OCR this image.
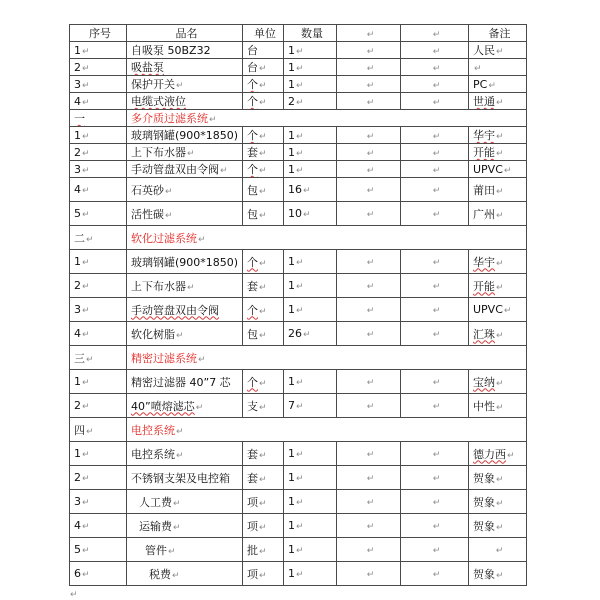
序号	品名	单位	数量	↵	↵	备注
1↵	自吸泵 50BZ32	台	1↵	↵	↵	人民↵
2↵	吸盐泵	台↵	1↵	↵	↵	↵
3↵	保护开关↵	个↵	1↵	↵	↵	PC↵
4↵	电缆式液位	个↵	2↵	↵	↵	世通↵
一	多介质过滤系统↵					
1↵	玻璃钢罐(900*1850)	个↵	1↵	↵	↵	华宇↵
2↵	上下布水器↵	套↵	1↵	↵	↵	开能↵
3↵	手动管盘双由令阀↵	个↵	1↵	↵	↵	UPVC↵
4↵	石英砂↵	包↵	16↵	↵	↵	莆田↵
5↵	活性碳↵	包↵	10↵	↵	↵	广州↵
二↵	软化过滤系统↵					
1↵	玻璃钢罐(900*1850)	个↵	1↵	↵	↵	华宇↵
2↵	上下布水器↵	套↵	1↵	↵	↵	开能↵
3↵	手动管盘双由令阀	个↵	1↵	↵	↵	UPVC↵
4↵	软化树脂↵	包↵	26↵	↵	↵	汇珠↵
三↵	精密过滤系统↵					
1↵	精密过滤器 40”7 芯	个↵	1↵	↵	↵	宝纳↵
2↵	40”喷熔滤芯↵	支↵	7↵	↵	↵	中性↵
四↵	电控系统↵					
1↵	电控系统↵	套↵	1↵	↵	↵	德力西↵
2↵	不锈钢支架及电控箱	套↵	1↵	↵	↵	贺象↵
3↵	人工费↵	项↵	1↵	↵	↵	贺象↵
4↵	运输费↵	项↵	1↵	↵	↵	贺象↵
5↵	管件↵	批↵	1↵	↵	↵	↵
6↵	税费↵	项↵	1↵	↵	↵	贺象↵
↵
